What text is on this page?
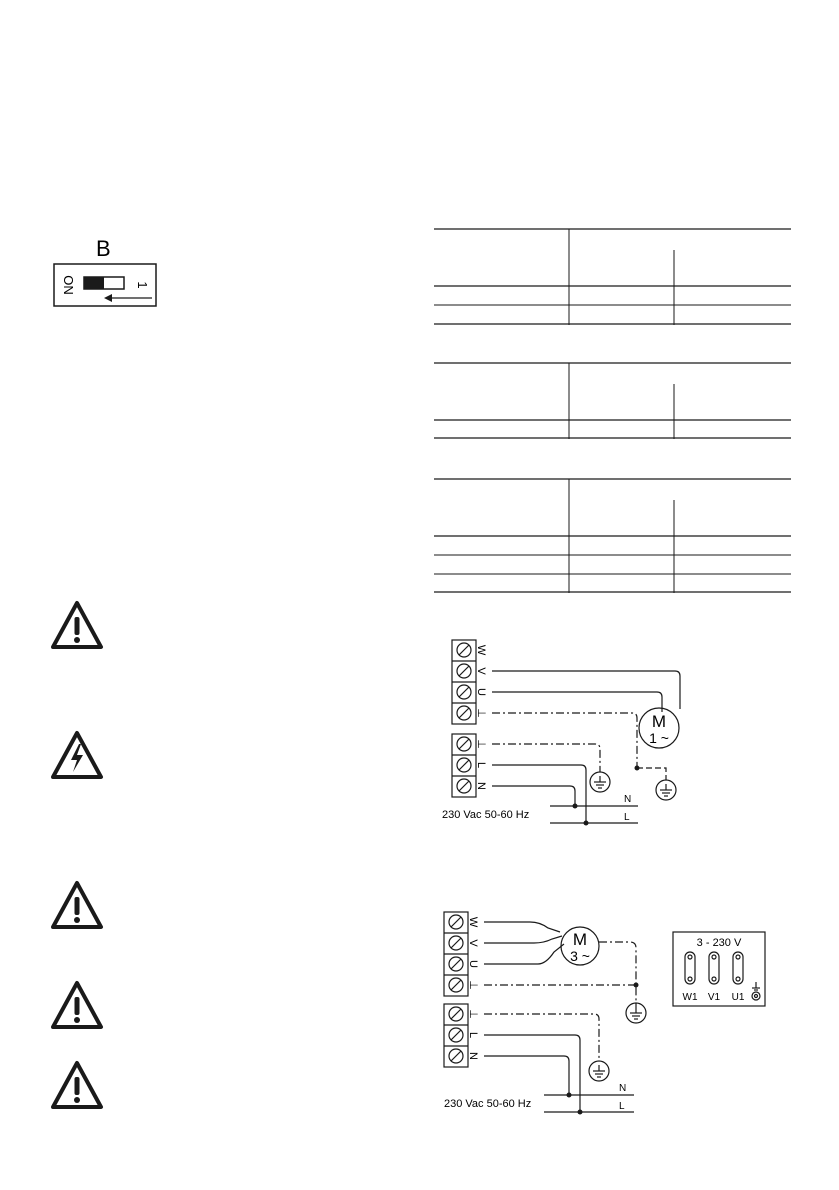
B
ON	1
W
V
U
⊥
⊥
L
N
M
1 ~
N
L
230 Vac 50-60 Hz
W
V
U
⊥
⊥
L
N
M
3 ~
N
L
230 Vac 50-60 Hz
3 - 230 V
W1 V1 U1
